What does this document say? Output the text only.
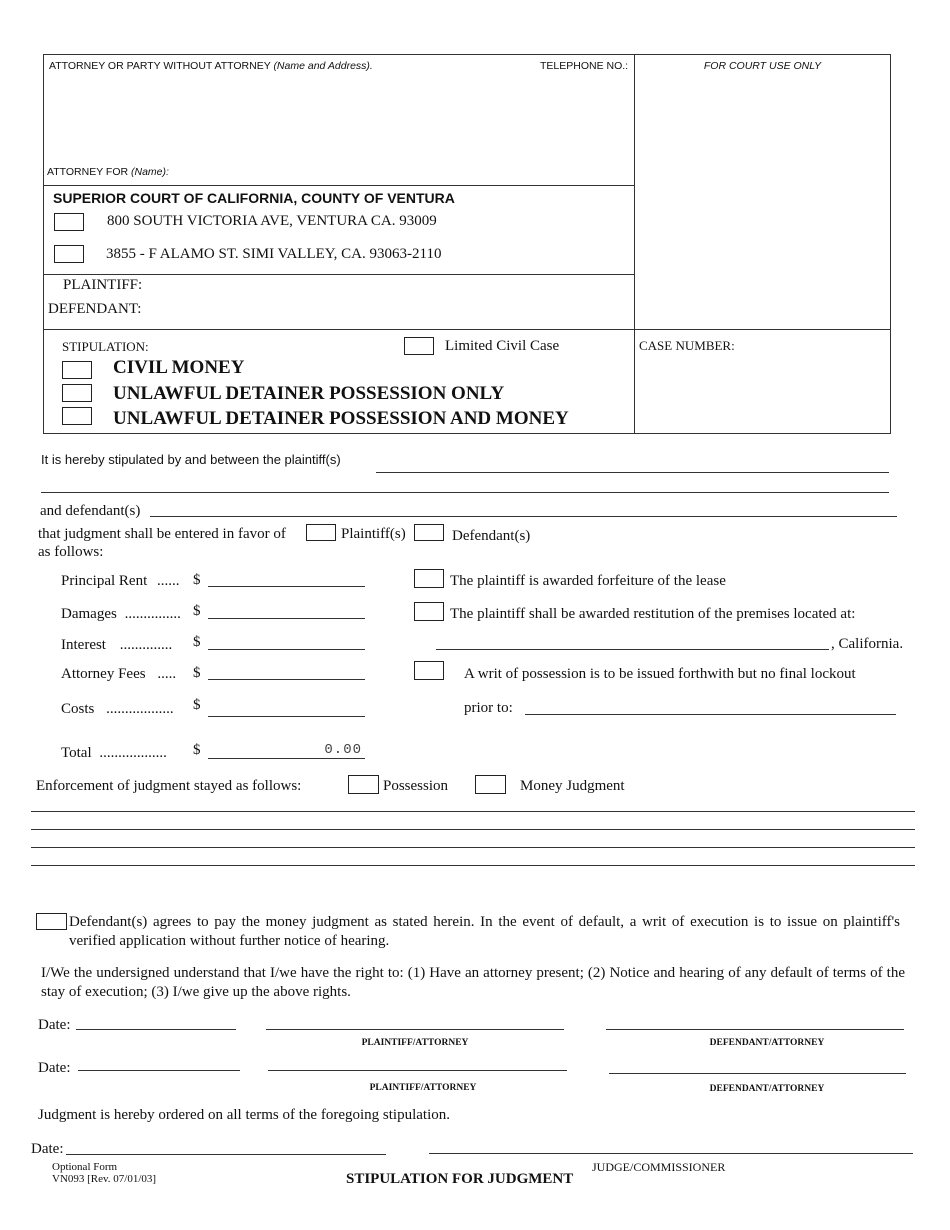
ATTORNEY OR PARTY WITHOUT ATTORNEY (Name and Address).	TELEPHONE NO.:	FOR COURT USE ONLY
ATTORNEY FOR (Name):
SUPERIOR COURT OF CALIFORNIA, COUNTY OF VENTURA
800 SOUTH VICTORIA AVE, VENTURA CA. 93009
3855 - F ALAMO ST. SIMI VALLEY, CA. 93063-2110
PLAINTIFF:
DEFENDANT:
STIPULATION:	Limited Civil Case	CASE NUMBER:
CIVIL MONEY
UNLAWFUL DETAINER POSSESSION ONLY
UNLAWFUL DETAINER POSSESSION AND MONEY
It is hereby stipulated by and between the plaintiff(s)
and defendant(s)
that judgment shall be entered in favor of	Plaintiff(s)	Defendant(s)
as follows:
Principal Rent ...... $
Damages ............... $
Interest .............. $
Attorney Fees ..... $
Costs .................. $
Total .................. $	0.00
The plaintiff is awarded forfeiture of the lease
The plaintiff shall be awarded restitution of the premises located at:
, California.
A writ of possession is to be issued forthwith but no final lockout
prior to:
Enforcement of judgment stayed as follows:	Possession	Money Judgment
Defendant(s) agrees to pay the money judgment as stated herein. In the event of default, a writ of execution is to issue on plaintiff's verified application without further notice of hearing.
I/We the undersigned understand that I/we have the right to: (1) Have an attorney present; (2) Notice and hearing of any default of terms of the stay of execution; (3) I/we give up the above rights.
Date:
PLAINTIFF/ATTORNEY	DEFENDANT/ATTORNEY
Date:
PLAINTIFF/ATTORNEY	DEFENDANT/ATTORNEY
Judgment is hereby ordered on all terms of the foregoing stipulation.
Date:
JUDGE/COMMISSIONER
Optional Form
VN093 [Rev. 07/01/03]	STIPULATION FOR JUDGMENT
